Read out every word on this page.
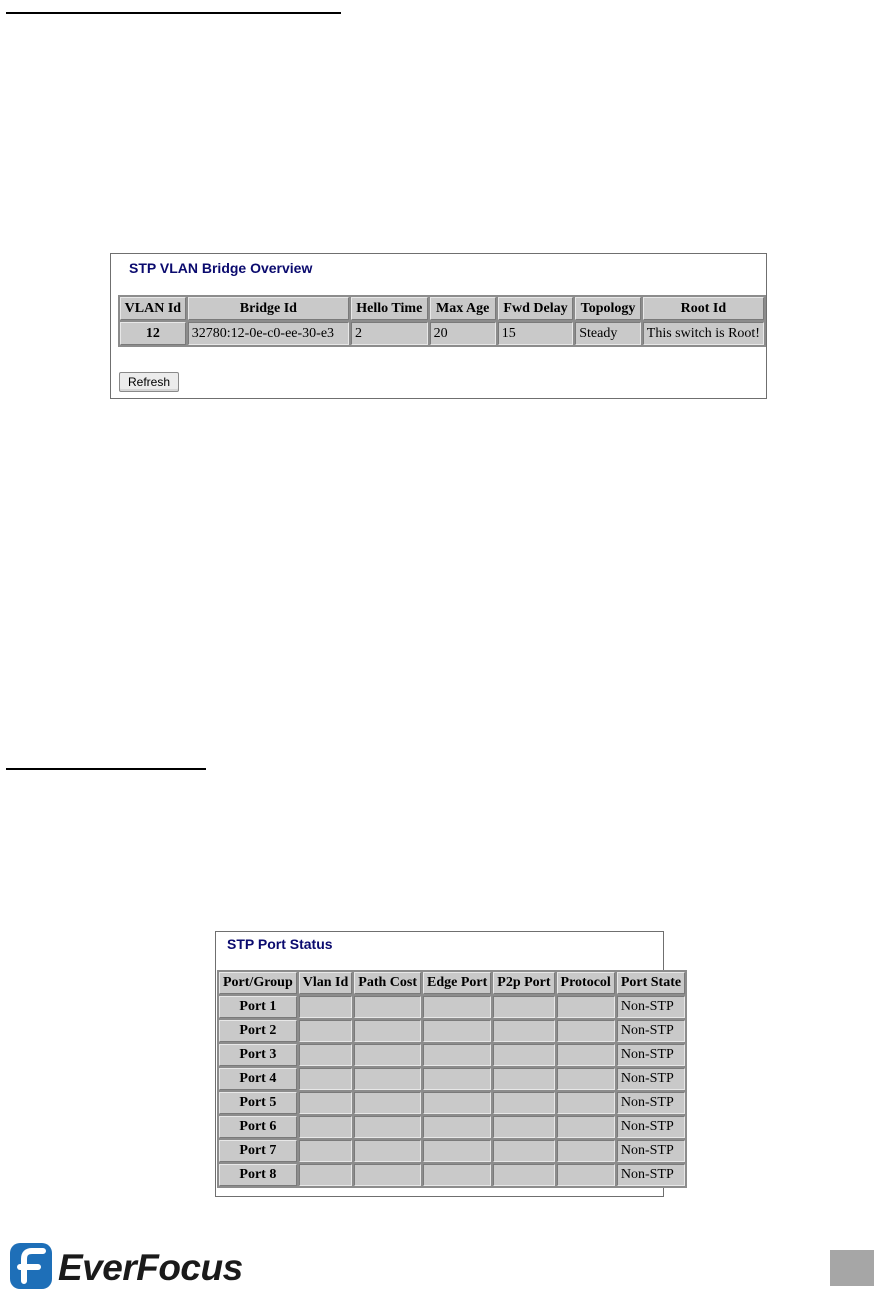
STP VLAN Bridge Overview
VLAN Id	Bridge Id	Hello Time	Max Age	Fwd Delay	Topology	Root Id
12	32780:12-0e-c0-ee-30-e3	2	20	15	Steady	This switch is Root!
Refresh
STP Port Status
Port/Group	Vlan Id	Path Cost	Edge Port	P2p Port	Protocol	Port State
Port 1						Non-STP
Port 2						Non-STP
Port 3						Non-STP
Port 4						Non-STP
Port 5						Non-STP
Port 6						Non-STP
Port 7						Non-STP
Port 8						Non-STP
EverFocus
